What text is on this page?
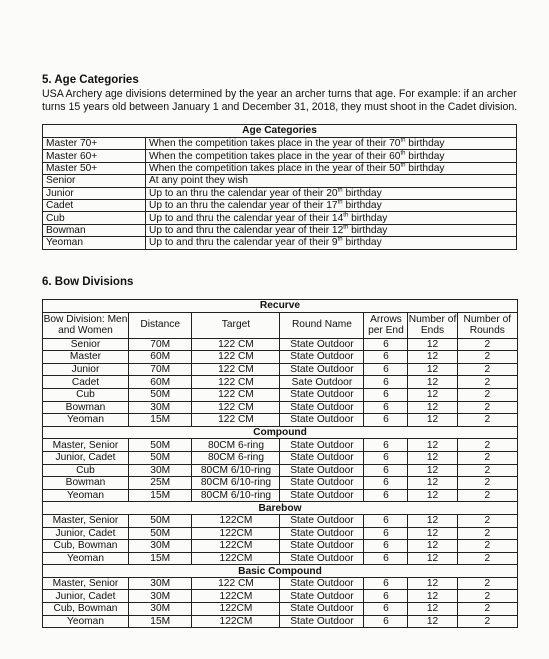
5. Age Categories

USA Archery age divisions determined by the year an archer turns that age. For example: if an archer turns 15 years old between January 1 and December 31, 2018, they must shoot in the Cadet division.

Age Categories	
Master 70+	When the competition takes place in the year of their 70th birthday
Master 60+	When the competition takes place in the year of their 60th birthday
Master 50+	When the competition takes place in the year of their 50th birthday
Senior	At any point they wish
Junior	Up to an thru the calendar year of their 20th birthday
Cadet	Up to an thru the calendar year of their 17th birthday
Cub	Up to and thru the calendar year of their 14th birthday
Bowman	Up to and thru the calendar year of their 12th birthday
Yeoman	Up to and thru the calendar year of their 9th birthday
6. Bow Divisions
Recurve						
Bow Division: Men and Women	Distance	Target	Round Name	Arrows per End	Number of Ends	Number of Rounds
Senior	70M	122 CM	State Outdoor	6	12	2
Master	60M	122 CM	State Outdoor	6	12	2
Junior	70M	122 CM	State Outdoor	6	12	2
Cadet	60M	122 CM	Sate Outdoor	6	12	2
Cub	50M	122 CM	State Outdoor	6	12	2
Bowman	30M	122 CM	State Outdoor	6	12	2
Yeoman	15M	122 CM	State Outdoor	6	12	2
Compound						
Master, Senior	50M	80CM 6-ring	State Outdoor	6	12	2
Junior, Cadet	50M	80CM 6-ring	State Outdoor	6	12	2
Cub	30M	80CM 6/10-ring	State Outdoor	6	12	2
Bowman	25M	80CM 6/10-ring	State Outdoor	6	12	2
Yeoman	15M	80CM 6/10-ring	State Outdoor	6	12	2
Barebow						
Master, Senior	50M	122CM	State Outdoor	6	12	2
Junior, Cadet	50M	122CM	State Outdoor	6	12	2
Cub, Bowman	30M	122CM	State Outdoor	6	12	2
Yeoman	15M	122CM	State Outdoor	6	12	2
Basic Compound						
Master, Senior	30M	122 CM	State Outdoor	6	12	2
Junior, Cadet	30M	122CM	State Outdoor	6	12	2
Cub, Bowman	30M	122CM	State Outdoor	6	12	2
Yeoman	15M	122CM	State Outdoor	6	12	2
